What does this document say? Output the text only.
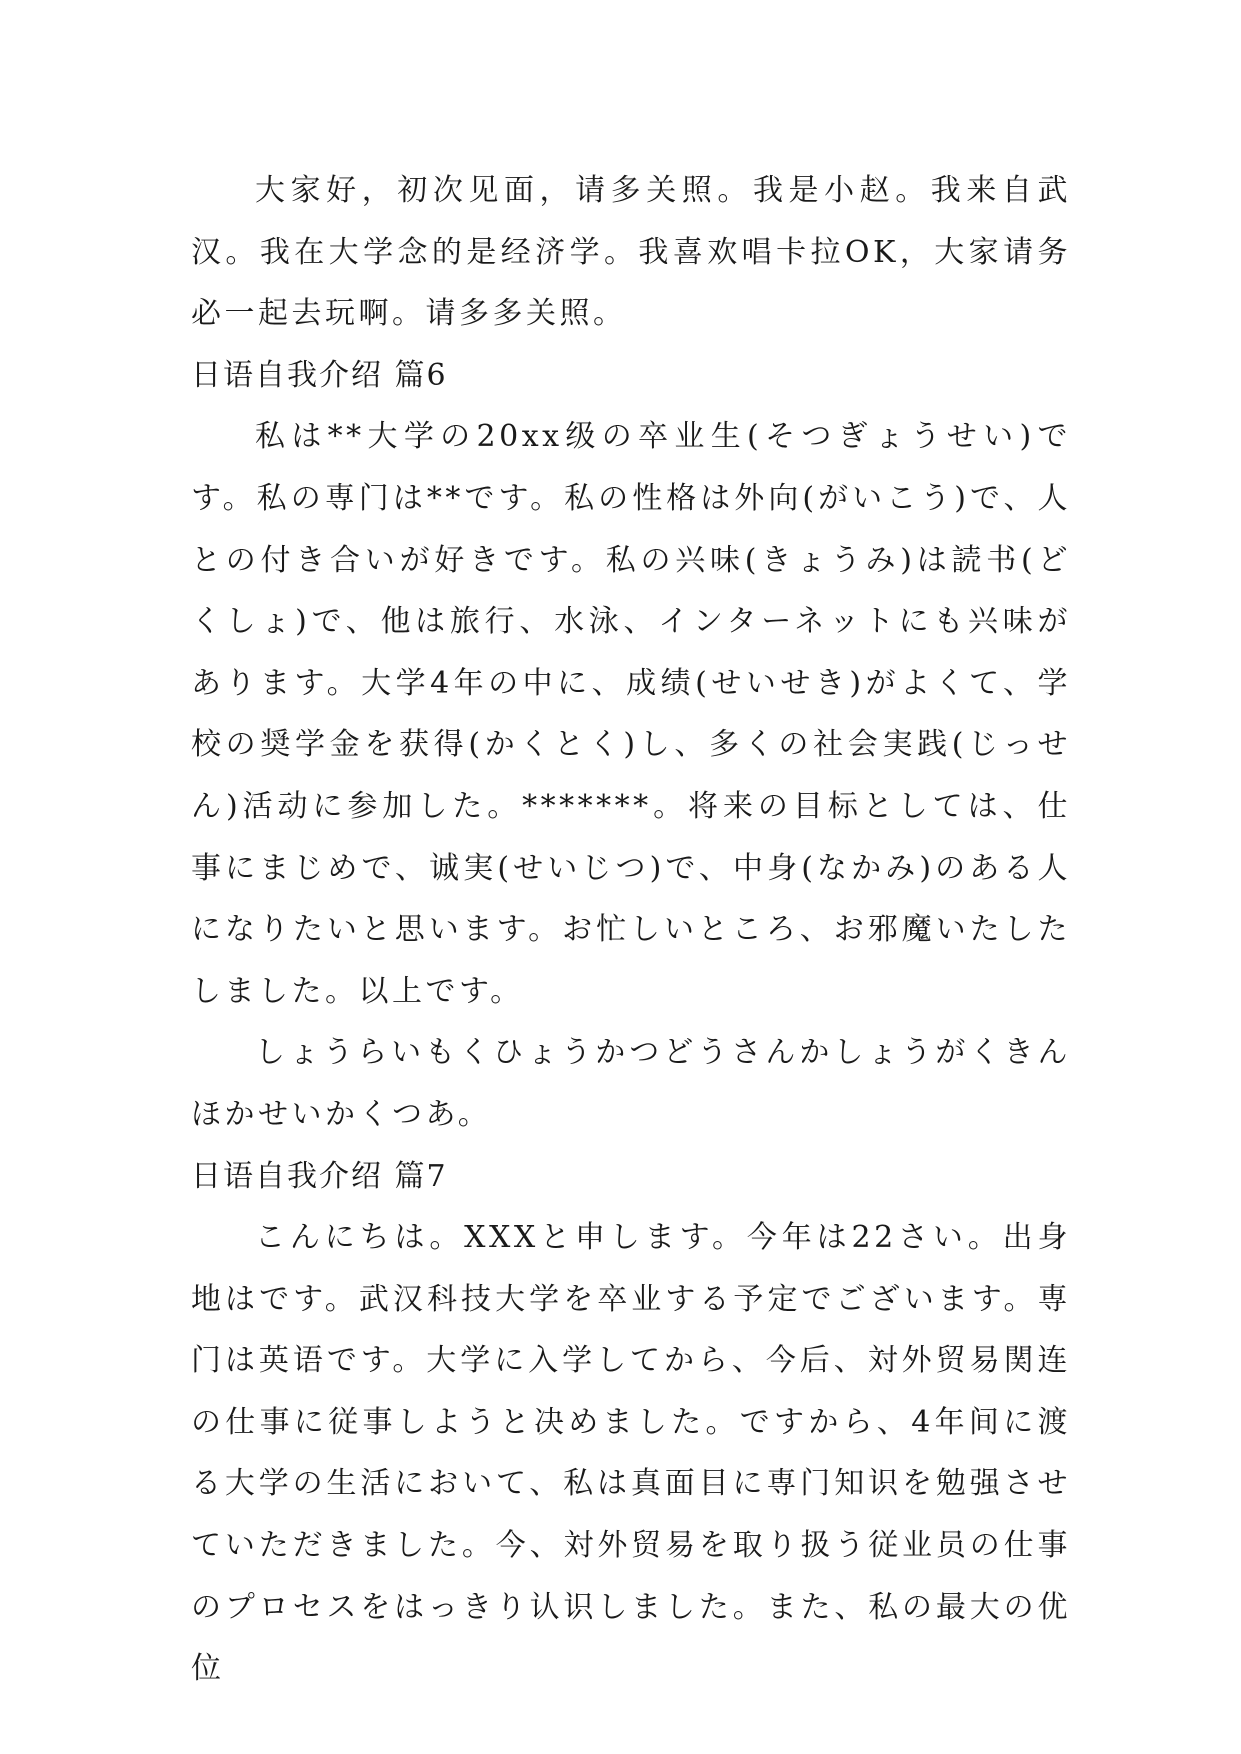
大家好，初次见面，请多关照。我是小赵。我来自武汉。我在大学念的是经济学。我喜欢唱卡拉OK，大家请务必一起去玩啊。请多多关照。

日语自我介绍 篇6

私は**大学の20xx级の卒业生(そつぎょうせい)です。私の専门は**です。私の性格は外向(がいこう)で、人との付き合いが好きです。私の兴味(きょうみ)は読书(どくしょ)で、他は旅行、水泳、インターネットにも兴味があります。大学4年の中に、成绩(せいせき)がよくて、学校の奨学金を获得(かくとく)し、多くの社会実践(じっせん)活动に参加した。*******。将来の目标としては、仕事にまじめで、诚実(せいじつ)で、中身(なかみ)のある人になりたいと思います。お忙しいところ、お邪魔いたしたしました。以上です。

しょうらいもくひょうかつどうさんかしょうがくきんほかせいかくつあ。

日语自我介绍 篇7

こんにちは。XXXと申します。今年は22さい。出身地はです。武汉科技大学を卒业する予定でございます。専门は英语です。大学に入学してから、今后、対外贸易関连の仕事に従事しようと决めました。ですから、4年间に渡る大学の生活において、私は真面目に専门知识を勉强させていただきました。今、対外贸易を取り扱う従业员の仕事のプロセスをはっきり认识しました。また、私の最大の优位
